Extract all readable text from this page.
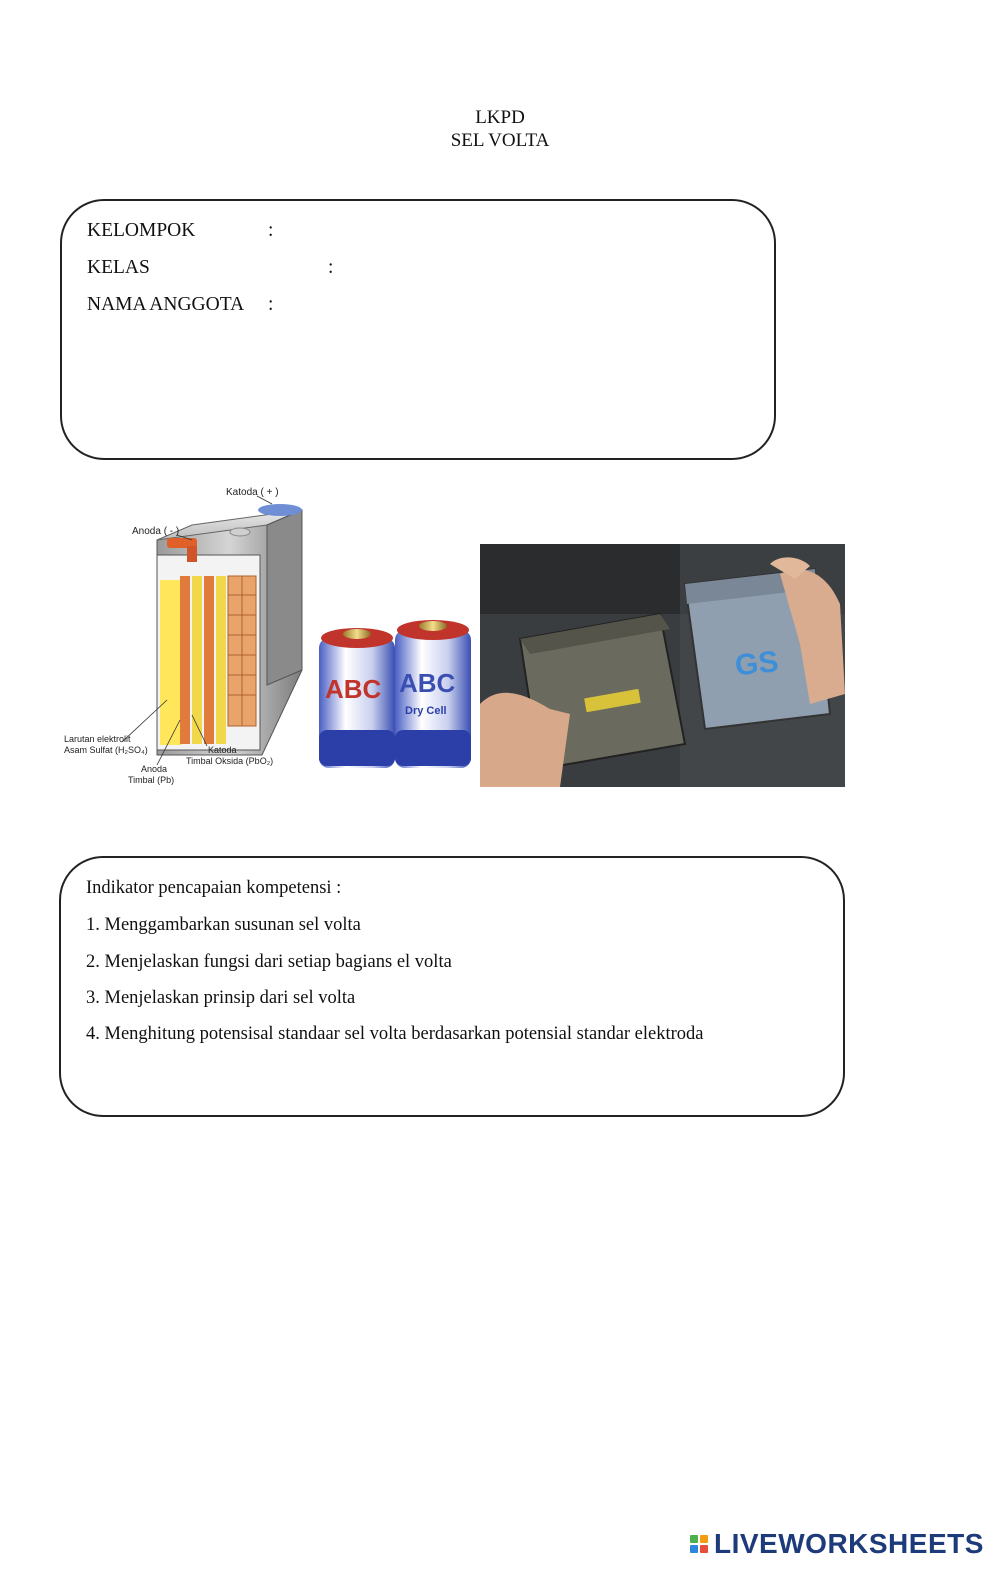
LKPD
SEL VOLTA
KELOMPOK	:
KELAS	:
NAMA ANGGOTA :
Katoda ( + )
Anoda ( - )
Larutan elektrolit
Asam Sulfat (H₂SO₄)	Katoda
Timbal Oksida (PbO₂)
Anoda
Timbal (Pb)
ABC ABC
Dry Cell
GS
Indikator pencapaian kompetensi :
1. Menggambarkan susunan sel volta
2. Menjelaskan fungsi dari setiap bagians el volta
3. Menjelaskan prinsip dari sel volta
4. Menghitung potensisal standaar sel volta berdasarkan potensial standar elektroda
LIVEWORKSHEETS
